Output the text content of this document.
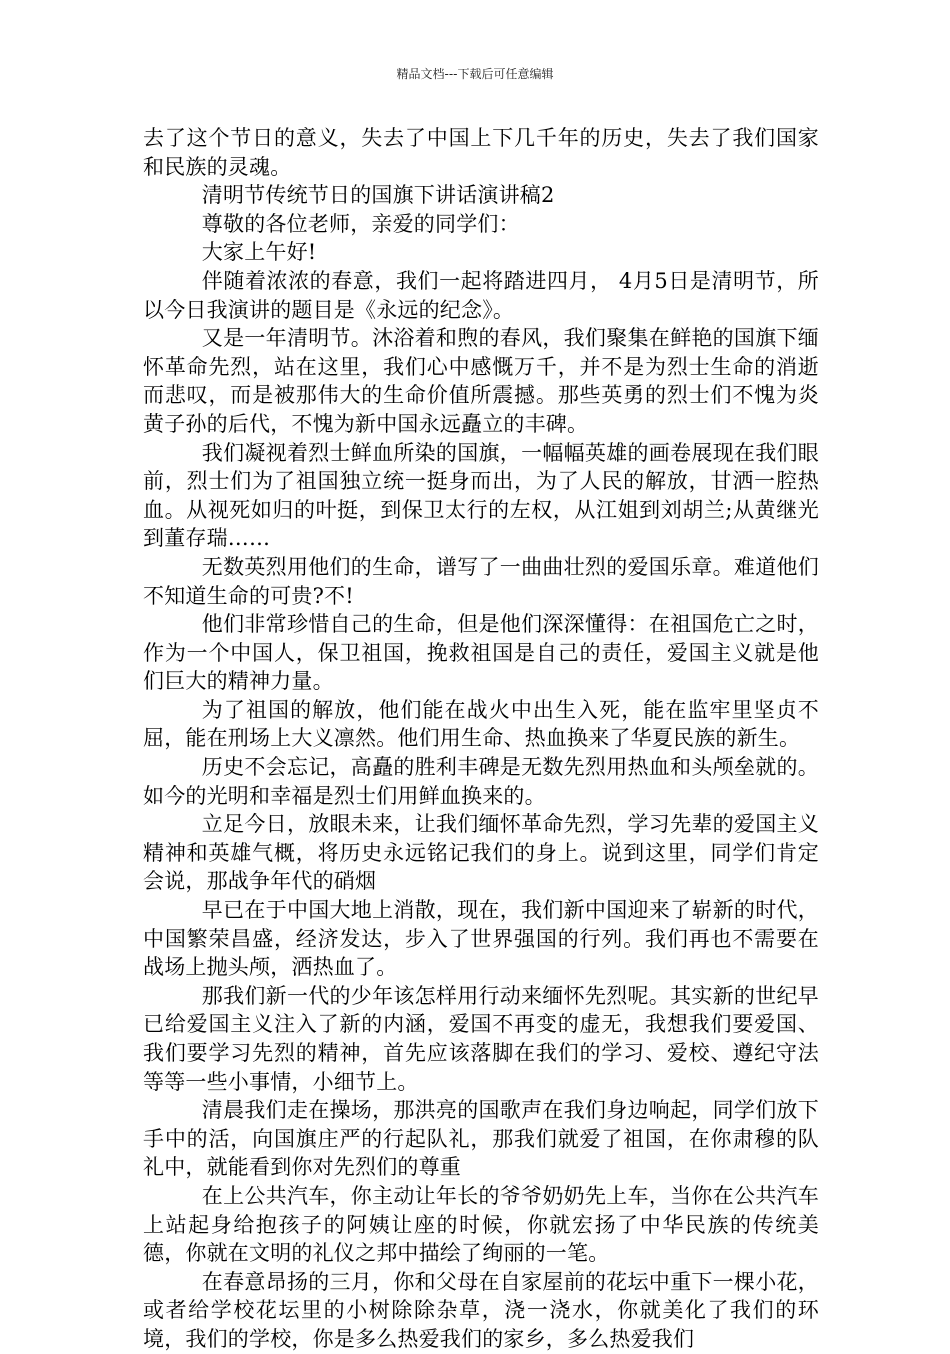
精品文档---下载后可任意编辑

去了这个节日的意义，失去了中国上下几千年的历史，失去了我们国家和民族的灵魂。

清明节传统节日的国旗下讲话演讲稿2

尊敬的各位老师，亲爱的同学们：

大家上午好!

伴随着浓浓的春意，我们一起将踏进四月， 4月5日是清明节，所以今日我演讲的题目是《永远的纪念》。

又是一年清明节。沐浴着和煦的春风，我们聚集在鲜艳的国旗下缅怀革命先烈，站在这里，我们心中感慨万千，并不是为烈士生命的消逝而悲叹，而是被那伟大的生命价值所震撼。那些英勇的烈士们不愧为炎黄子孙的后代，不愧为新中国永远矗立的丰碑。

我们凝视着烈士鲜血所染的国旗，一幅幅英雄的画卷展现在我们眼前，烈士们为了祖国独立统一挺身而出，为了人民的解放，甘洒一腔热血。从视死如归的叶挺，到保卫太行的左权，从江姐到刘胡兰;从黄继光到董存瑞……

无数英烈用他们的生命，谱写了一曲曲壮烈的爱国乐章。难道他们不知道生命的可贵?不!

他们非常珍惜自己的生命，但是他们深深懂得：在祖国危亡之时，作为一个中国人，保卫祖国，挽救祖国是自己的责任，爱国主义就是他们巨大的精神力量。

为了祖国的解放，他们能在战火中出生入死，能在监牢里坚贞不屈，能在刑场上大义凛然。他们用生命、热血换来了华夏民族的新生。

历史不会忘记，高矗的胜利丰碑是无数先烈用热血和头颅垒就的。如今的光明和幸福是烈士们用鲜血换来的。

立足今日，放眼未来，让我们缅怀革命先烈，学习先辈的爱国主义精神和英雄气概，将历史永远铭记我们的身上。说到这里，同学们肯定会说，那战争年代的硝烟

早已在于中国大地上消散，现在，我们新中国迎来了崭新的时代，中国繁荣昌盛，经济发达，步入了世界强国的行列。我们再也不需要在战场上抛头颅，洒热血了。

那我们新一代的少年该怎样用行动来缅怀先烈呢。其实新的世纪早已给爱国主义注入了新的内涵，爱国不再变的虚无，我想我们要爱国、我们要学习先烈的精神，首先应该落脚在我们的学习、爱校、遵纪守法等等一些小事情，小细节上。

清晨我们走在操场，那洪亮的国歌声在我们身边响起，同学们放下手中的活，向国旗庄严的行起队礼，那我们就爱了祖国，在你肃穆的队礼中，就能看到你对先烈们的尊重

在上公共汽车，你主动让年长的爷爷奶奶先上车，当你在公共汽车上站起身给抱孩子的阿姨让座的时候，你就宏扬了中华民族的传统美德，你就在文明的礼仪之邦中描绘了绚丽的一笔。

在春意昂扬的三月，你和父母在自家屋前的花坛中重下一棵小花，或者给学校花坛里的小树除除杂草，浇一浇水，你就美化了我们的环境，我们的学校，你是多么热爱我们的家乡，多么热爱我们
